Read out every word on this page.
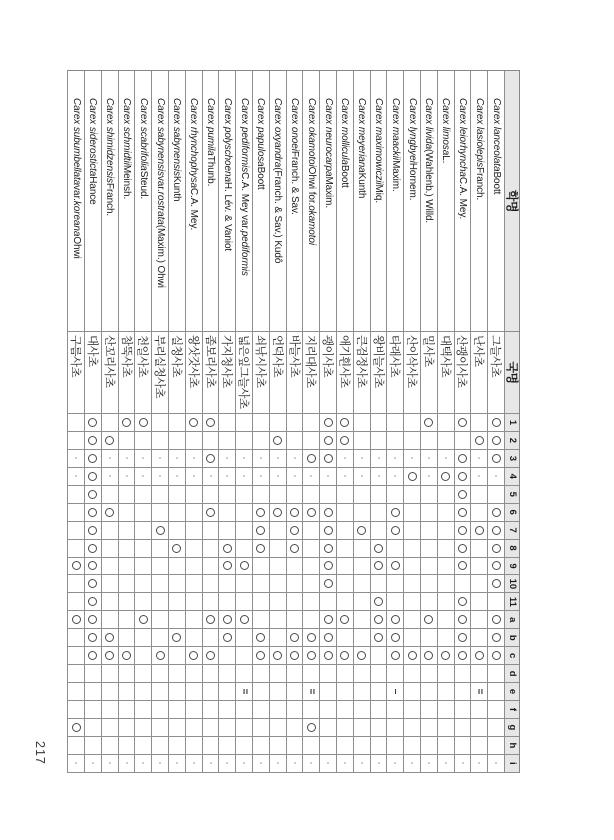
학명
국명
1
2
3
4
5
6
7
8
9
10
11
a
b
c
d
e
f
g
h
i
Carex lanceolata
Boott
그늘사초
Carex lasiolepis
Franch.
난사초
=
Carex leiorhyncha
C.A. Mey.
산괭이사초
Carex limosa
L.
대택사초
Carex livida
(Wahlenb.) Willd.
밀사초
Carex lyngbyei
Hornem.
산이삭사초
Carex maackii
Maxim.
타래사초
–
Carex maximowiczii
Miq.
왕비늘사초
Carex meyeriana
Kunth
큰검정사초
Carex mollicula
Boott
애기흰사초
Carex neurocarpa
Maxim.
괭이사초
Carex okamotoi
Ohwi for.
okamotoi
지리대사초
=
Carex onoei
Franch. & Sav.
바늘사초
Carex oxyandra
(Franch. & Sav.) Kudô
언덕사초
Carex papulosa
Boott
쇠낚시사초
Carex pediformis
C.A. Mey var.
pediformis
넓은잎그늘사초
=
Carex polyschoena
H. Lév. & Vaniot
가지청사초
Carex pumila
Thunb.
좀보리사초
Carex rhynchophysa
C.A. Mey.
왕삿갓사초
Carex sabynensis
Kunth
실청사초
Carex sabynensis
var.
rostrata
(Maxim.) Ohwi
부리실청사초
Carex scabrifolia
Steud.
천일사초
Carex schmidtii
Meinsh.
참뚝사초
Carex shimidzensis
Franch.
산꼬리사초
Carex siderosticta
Hance
대사초
Carex subumbellata
var.
koreana
Ohwi
구름사초
217
